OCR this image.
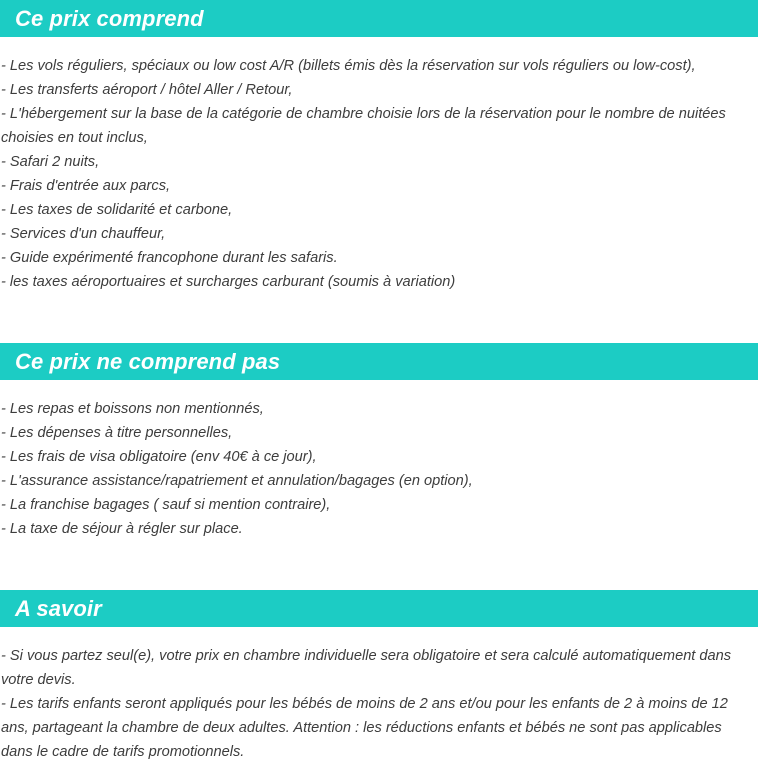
Ce prix comprend
- Les vols réguliers, spéciaux ou low cost A/R (billets émis dès la réservation sur vols réguliers ou low-cost),
- Les transferts aéroport / hôtel Aller / Retour,
- L'hébergement sur la base de la catégorie de chambre choisie lors de la réservation pour le nombre de nuitées choisies en tout inclus,
- Safari 2 nuits,
- Frais d'entrée aux parcs,
- Les taxes de solidarité et carbone,
- Services d'un chauffeur,
- Guide expérimenté francophone durant les safaris.
- les taxes aéroportuaires et surcharges carburant (soumis à variation)
Ce prix ne comprend pas
- Les repas et boissons non mentionnés,
- Les dépenses à titre personnelles,
- Les frais de visa obligatoire (env 40€ à ce jour),
- L'assurance assistance/rapatriement et annulation/bagages (en option),
- La franchise bagages ( sauf si mention contraire),
- La taxe de séjour à régler sur place.
A savoir
- Si vous partez seul(e), votre prix en chambre individuelle sera obligatoire et sera calculé automatiquement dans votre devis.
- Les tarifs enfants seront appliqués pour les bébés de moins de 2 ans et/ou pour les enfants de 2 à moins de 12 ans, partageant la chambre de deux adultes. Attention : les réductions enfants et bébés ne sont pas applicables dans le cadre de tarifs promotionnels.
